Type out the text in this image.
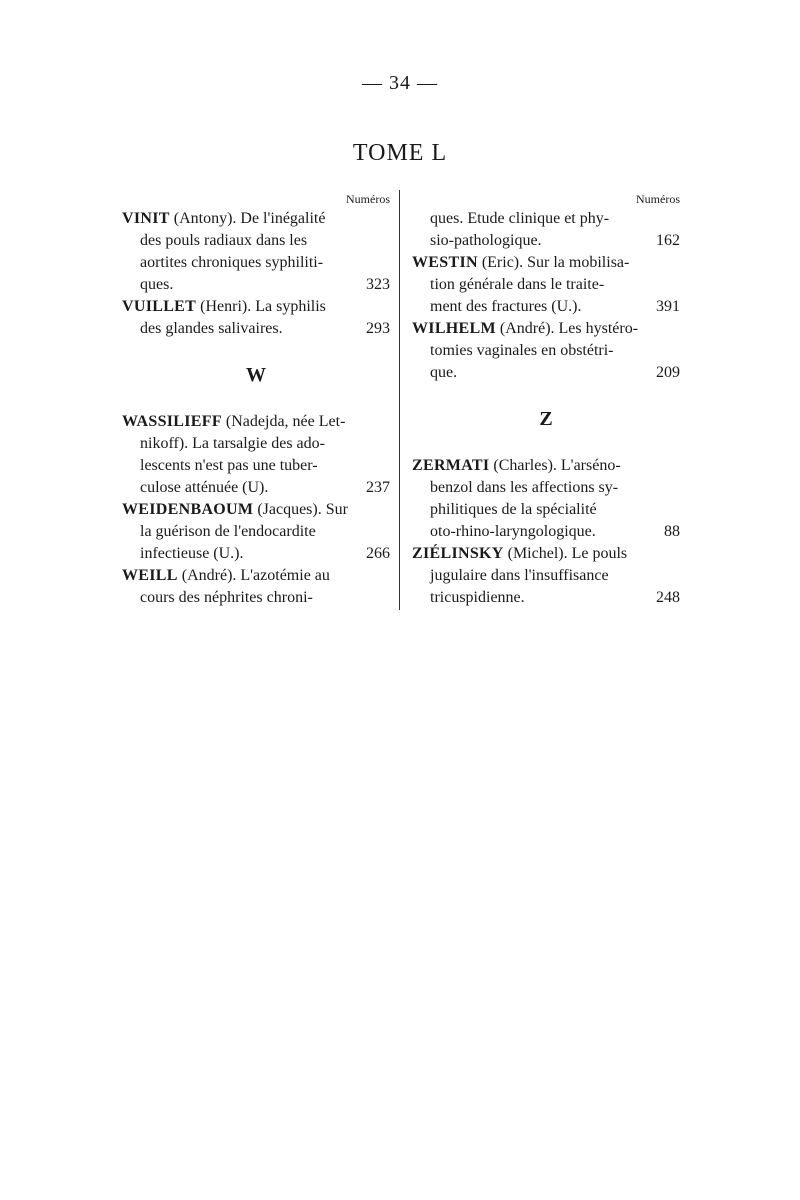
— 34 —
TOME L
Numéros
VINIT (Antony). De l'inégalité
des pouls radiaux dans les
aortites chroniques syphiliti-
ques.	323
VUILLET (Henri). La syphilis
des glandes salivaires.	293
W
WASSILIEFF (Nadejda, née Let-
nikoff). La tarsalgie des ado-
lescents n'est pas une tuber-
culose atténuée (U).	237
WEIDENBAOUM (Jacques). Sur
la guérison de l'endocardite
infectieuse (U.).	266
WEILL (André). L'azotémie au
cours des néphrites chroni-
Numéros
ques. Etude clinique et phy-
sio-pathologique.	162
WESTIN (Eric). Sur la mobilisa-
tion générale dans le traite-
ment des fractures (U.).	391
WILHELM (André). Les hystéro-
tomies vaginales en obstétri-
que.	209
Z
ZERMATI (Charles). L'arséno-
benzol dans les affections sy-
philitiques de la spécialité
oto-rhino-laryngologique.	88
ZIÉLINSKY (Michel). Le pouls
jugulaire dans l'insuffisance
tricuspidienne.	248
